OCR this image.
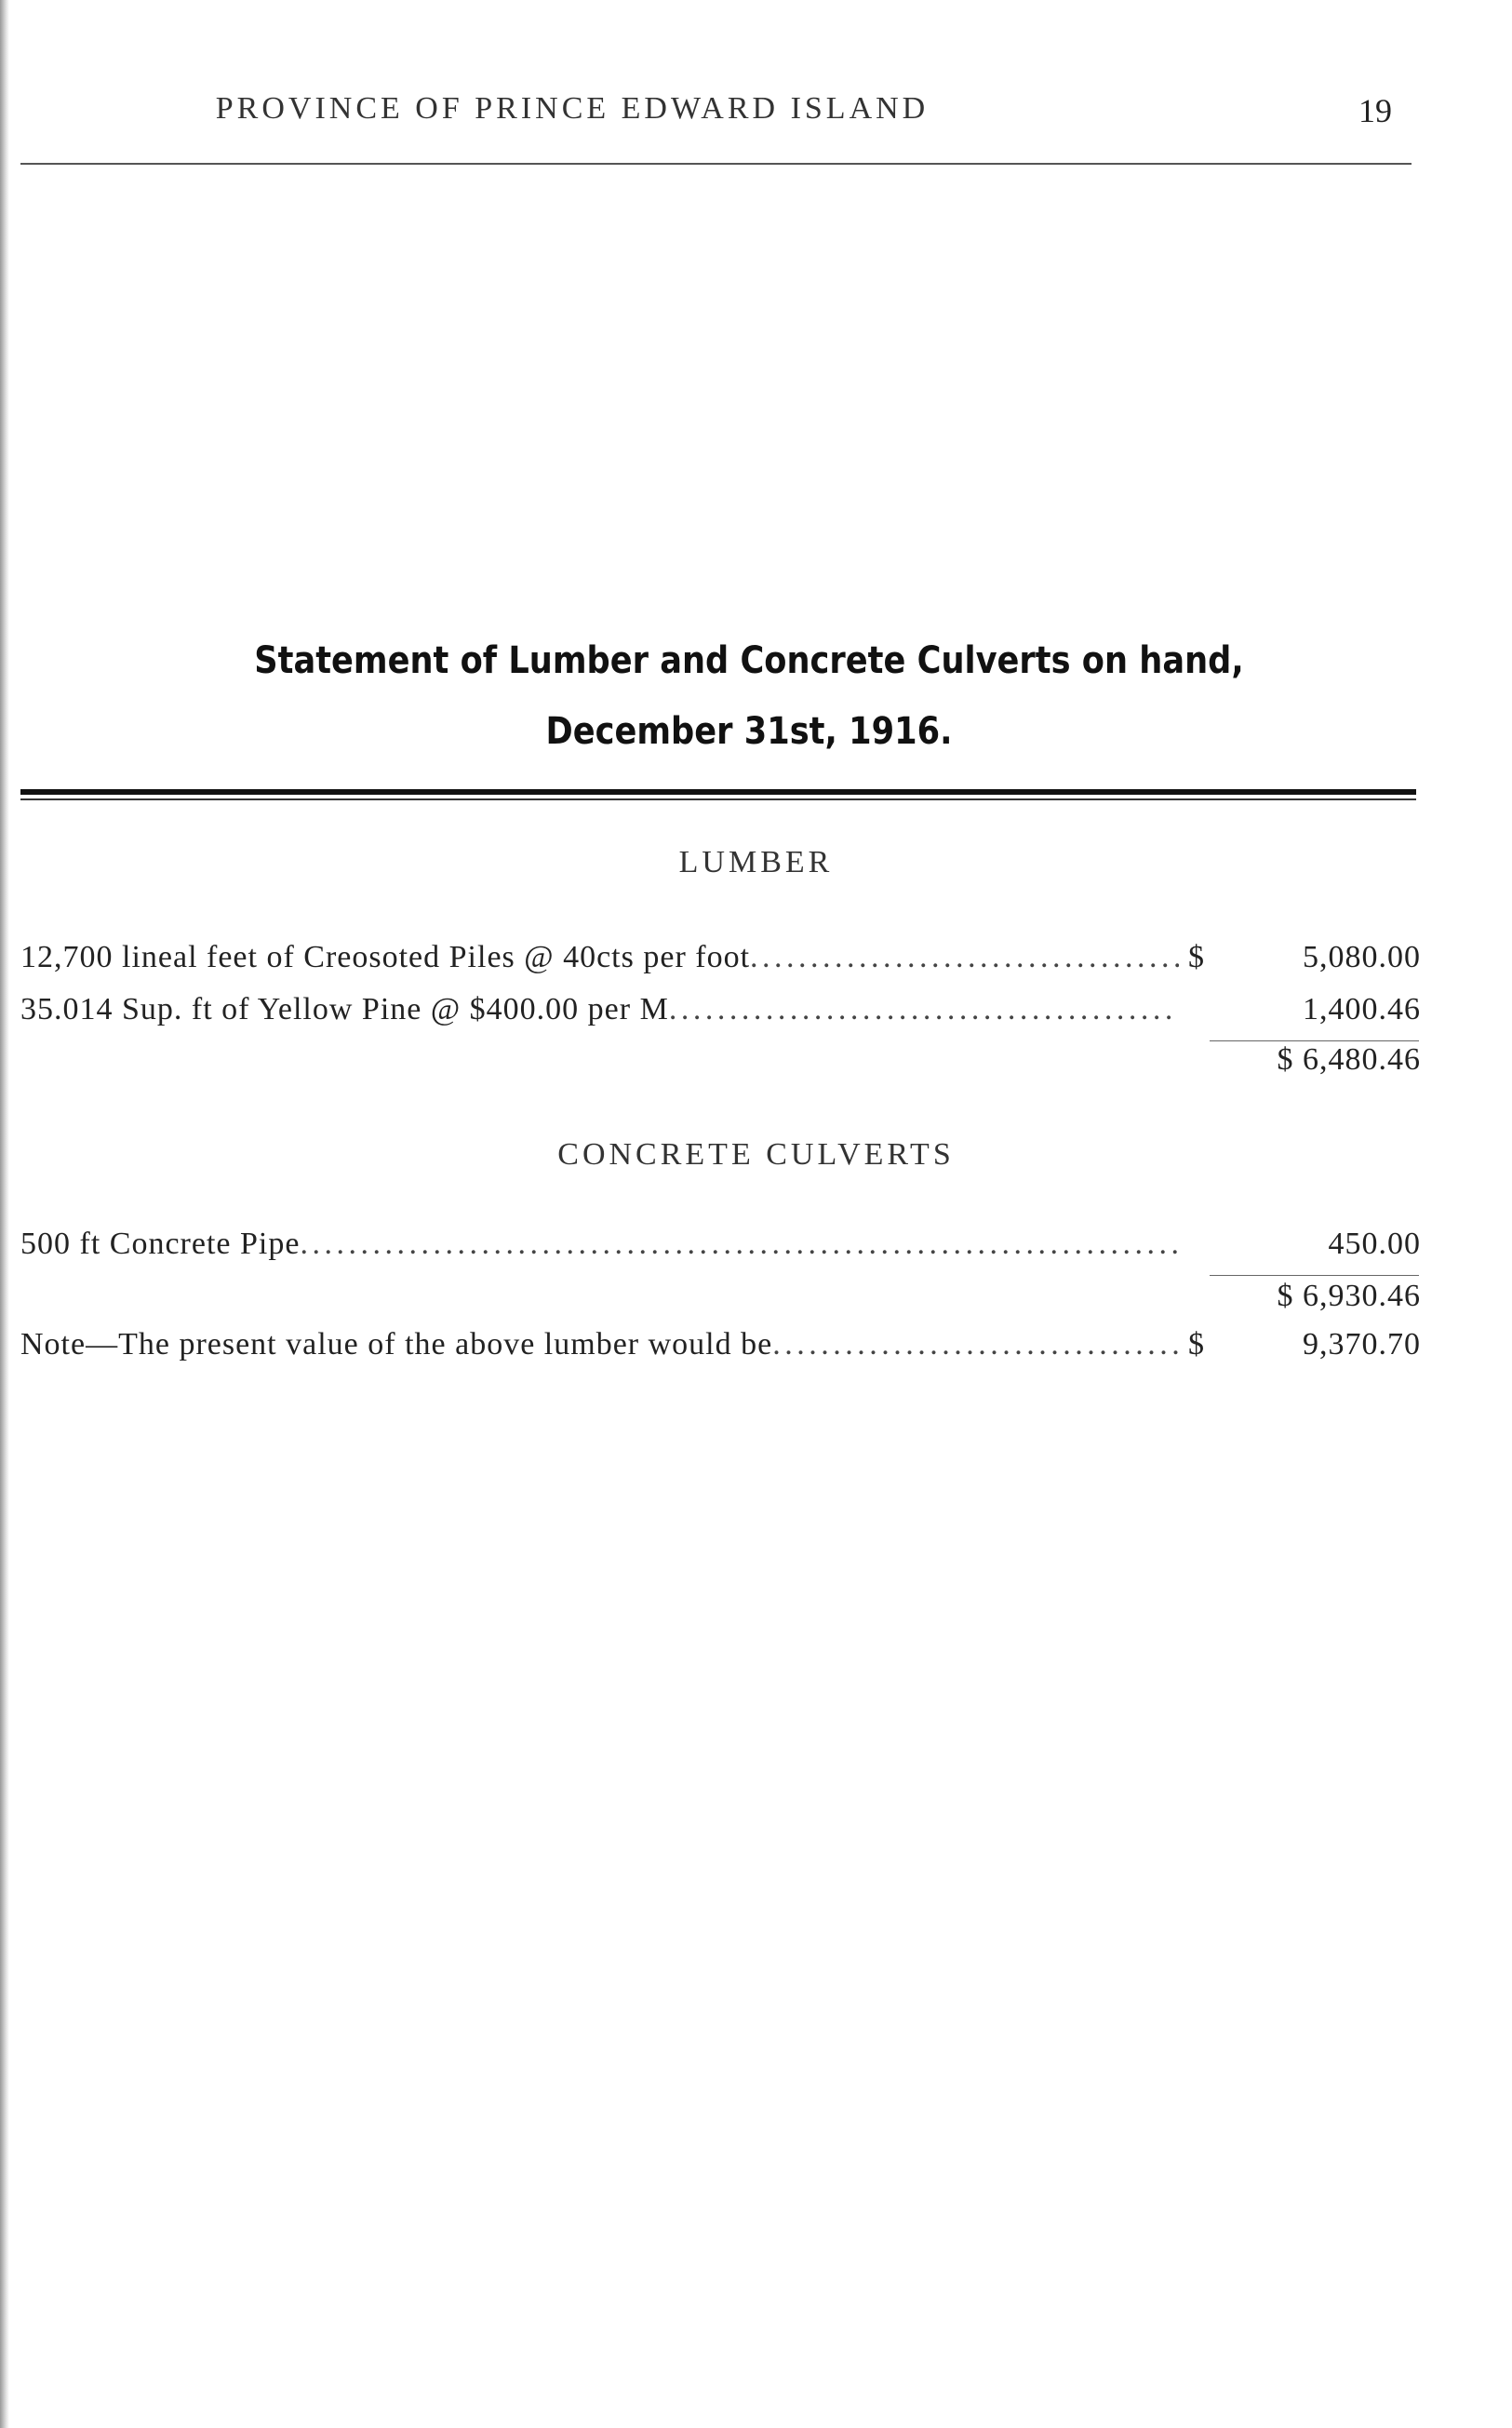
PROVINCE OF PRINCE EDWARD ISLAND	19
Statement of Lumber and Concrete Culverts on hand,
December 31st, 1916.
LUMBER
12,700 lineal feet of Creosoted Piles @ 40cts per foot . . .	$	5,080.00
35.014 Sup. ft of Yellow Pine @ $400.00 per M . . .	1,400.46
$ 6,480.46
CONCRETE CULVERTS
500 ft Concrete Pipe . . .	450.00
$ 6,930.46
Note—The present value of the above lumber would be . . .	$	9,370.70
